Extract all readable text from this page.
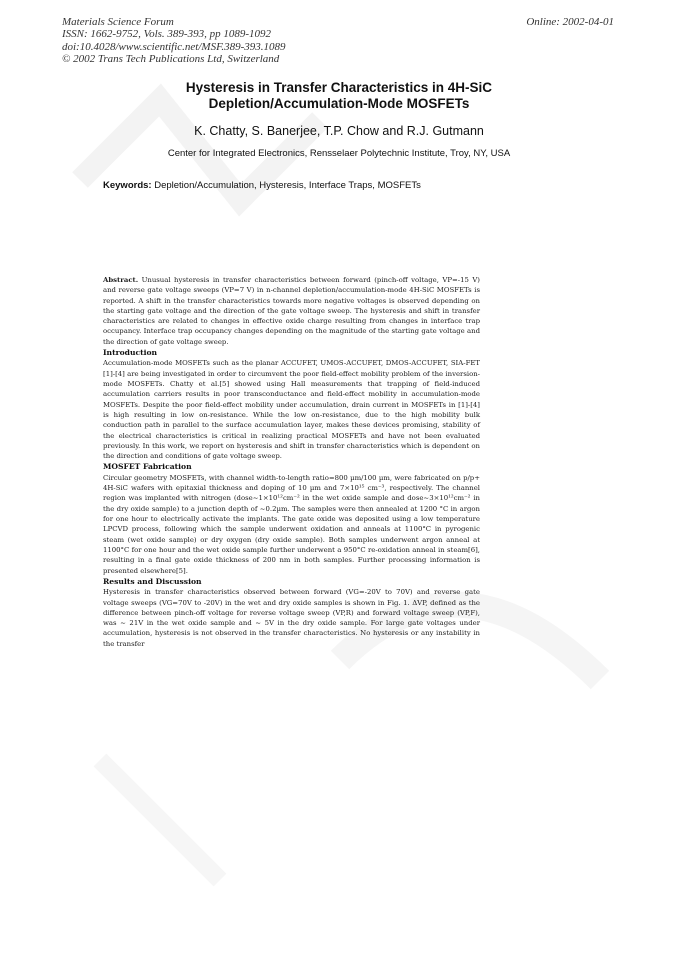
Materials Science Forum
ISSN: 1662-9752, Vols. 389-393, pp 1089-1092
doi:10.4028/www.scientific.net/MSF.389-393.1089
© 2002 Trans Tech Publications Ltd, Switzerland
Online: 2002-04-01
Hysteresis in Transfer Characteristics in 4H-SiC
Depletion/Accumulation-Mode MOSFETs
K. Chatty, S. Banerjee, T.P. Chow and R.J. Gutmann
Center for Integrated Electronics, Rensselaer Polytechnic Institute, Troy, NY, USA
Keywords: Depletion/Accumulation, Hysteresis, Interface Traps, MOSFETs

Abstract. Unusual hysteresis in transfer characteristics between forward (pinch-off voltage, VP=-15 V) and reverse gate voltage sweeps (VP=7 V) in n-channel depletion/accumulation-mode 4H-SiC MOSFETs is reported. A shift in the transfer characteristics towards more negative voltages is observed depending on the starting gate voltage and the direction of the gate voltage sweep. The hysteresis and shift in transfer characteristics are related to changes in effective oxide charge resulting from changes in interface trap occupancy. Interface trap occupancy changes depending on the magnitude of the starting gate voltage and the direction of gate voltage sweep.

Introduction

Accumulation-mode MOSFETs such as the planar ACCUFET, UMOS-ACCUFET, DMOS-ACCUFET, SIA-FET [1]-[4] are being investigated in order to circumvent the poor field-effect mobility problem of the inversion-mode MOSFETs. Chatty et al.[5] showed using Hall measurements that trapping of field-induced accumulation carriers results in poor transconductance and field-effect mobility in accumulation-mode MOSFETs. Despite the poor field-effect mobility under accumulation, drain current in MOSFETs in [1]-[4] is high resulting in low on-resistance. While the low on-resistance, due to the high mobility bulk conduction path in parallel to the surface accumulation layer, makes these devices promising, stability of the electrical characteristics is critical in realizing practical MOSFETs and have not been evaluated previously. In this work, we report on hysteresis and shift in transfer characteristics which is dependent on the direction and conditions of gate voltage sweep.

MOSFET Fabrication

Circular geometry MOSFETs, with channel width-to-length ratio=800 µm/100 µm, were fabricated on p/p+ 4H-SiC wafers with epitaxial thickness and doping of 10 µm and 7×10¹⁵ cm⁻³, respectively. The channel region was implanted with nitrogen (dose~1×10¹²cm⁻² in the wet oxide sample and dose~3×10¹²cm⁻² in the dry oxide sample) to a junction depth of ~0.2µm. The samples were then annealed at 1200 °C in argon for one hour to electrically activate the implants. The gate oxide was deposited using a low temperature LPCVD process, following which the sample underwent oxidation and anneals at 1100°C in pyrogenic steam (wet oxide sample) or dry oxygen (dry oxide sample). Both samples underwent argon anneal at 1100°C for one hour and the wet oxide sample further underwent a 950°C re-oxidation anneal in steam[6], resulting in a final gate oxide thickness of 200 nm in both samples. Further processing information is presented elsewhere[5].

Results and Discussion

Hysteresis in transfer characteristics observed between forward (VG=-20V to 70V) and reverse gate voltage sweeps (VG=70V to -20V) in the wet and dry oxide samples is shown in Fig. 1. ΔVP, defined as the difference between pinch-off voltage for reverse voltage sweep (VP,R) and forward voltage sweep (VP,F), was ~ 21V in the wet oxide sample and ~ 5V in the dry oxide sample. For large gate voltages under accumulation, hysteresis is not observed in the transfer characteristics. No hysteresis or any instability in the transfer
